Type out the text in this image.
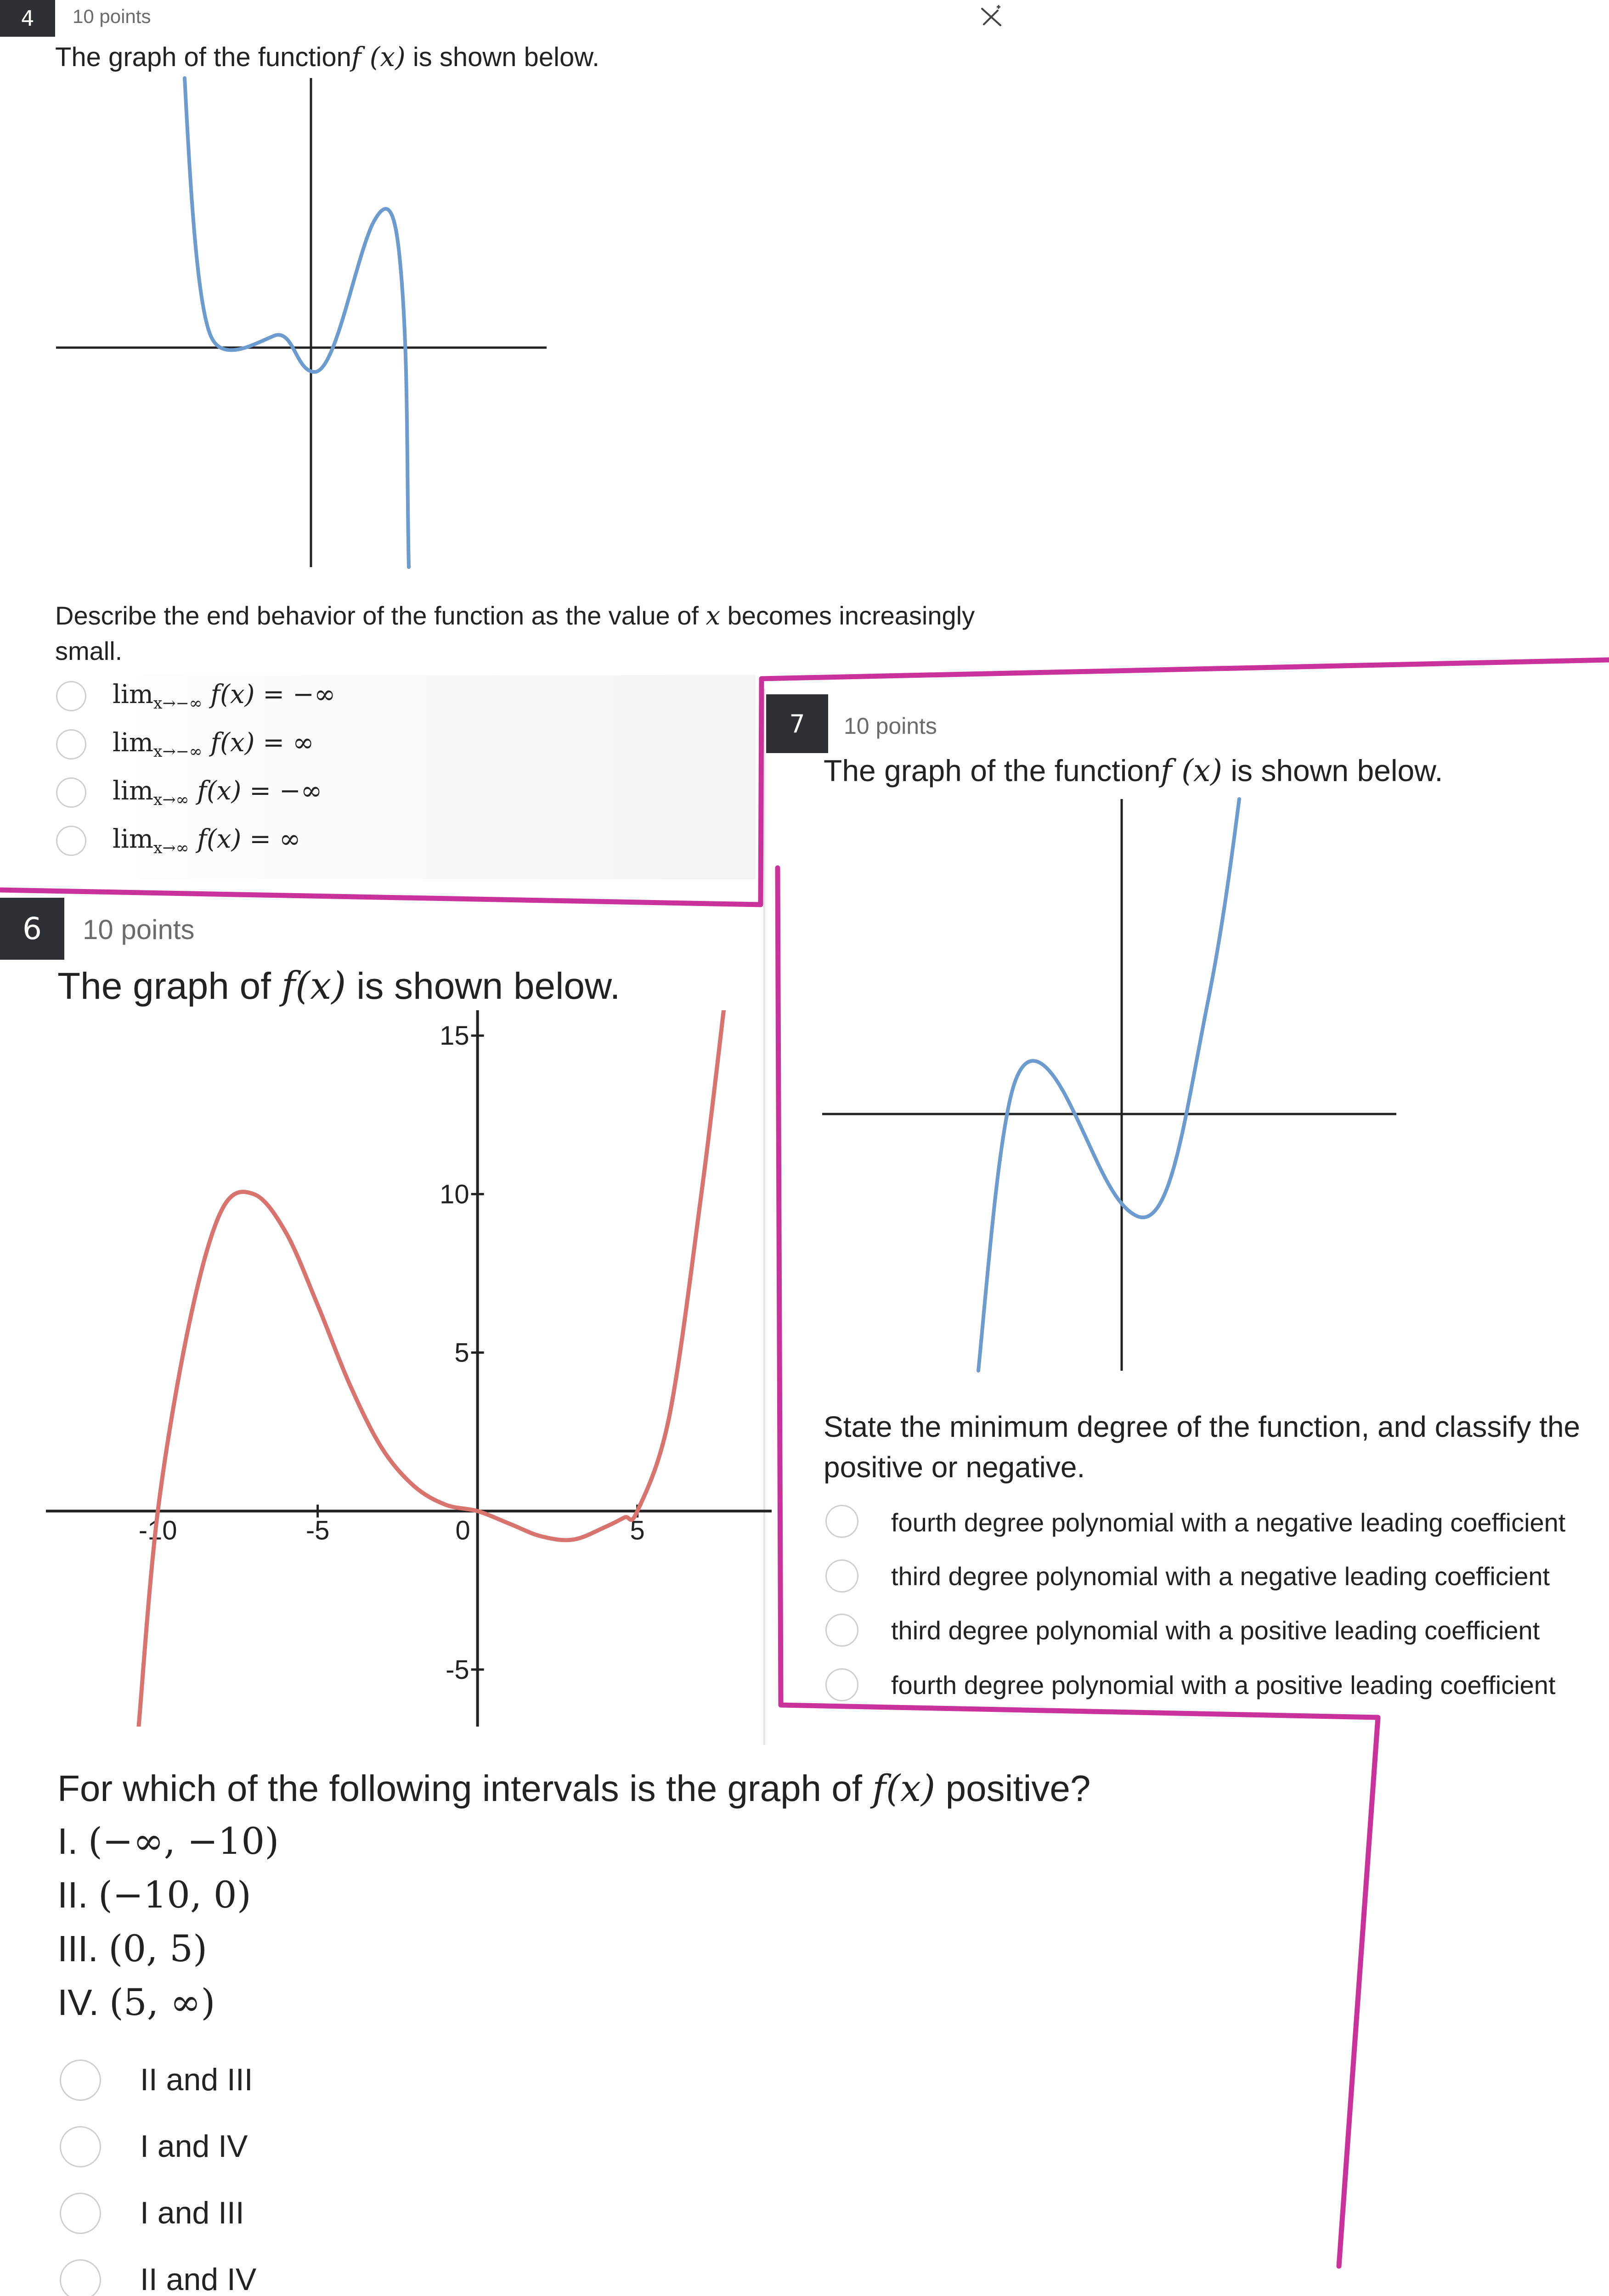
4	10 points
The graph of the functionf (x) is shown below.
Describe the end behavior of the function as the value of x becomes increasingly
small.
$\lim_{x\to-\infty} f(x)$ = −∞
$\lim_{x\to-\infty} f(x)$ = ∞
$\lim_{x\to\infty} f(x)$ = −∞
$\lim_{x\to\infty} f(x)$ = ∞
7	10 points
The graph of the functionf (x) is shown below.
State the minimum degree of the function, and classify the
positive or negative.
fourth degree polynomial with a negative leading coefficient
third degree polynomial with a negative leading coefficient
third degree polynomial with a positive leading coefficient
fourth degree polynomial with a positive leading coefficient
6	10 points
The graph of f(x) is shown below.
-10	-5	0	5
15
10
5
-5
For which of the following intervals is the graph of f(x) positive?
I. (−∞, −10)
II. (−10, 0)
III. (0, 5)
IV. (5, ∞)
II and III
I and IV
I and III
II and IV
